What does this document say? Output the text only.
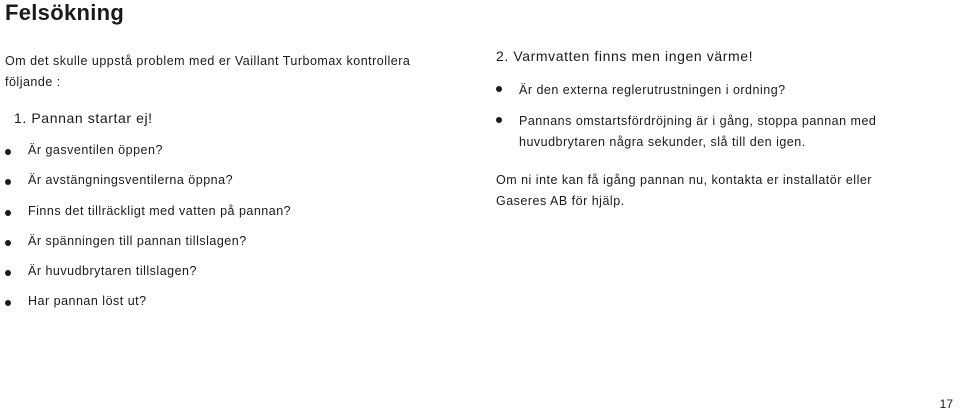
Felsökning

Om det skulle uppstå problem med er Vaillant Turbomax kontrollera följande :

1. Pannan startar ej!
Är gasventilen öppen?
Är avstängningsventilerna öppna?
Finns det tillräckligt med vatten på pannan?
Är spänningen till pannan tillslagen?
Är huvudbrytaren tillslagen?
Har pannan löst ut?
2. Varmvatten finns men ingen värme!
Är den externa reglerutrustningen i ordning?
Pannans omstartsfördröjning är i gång, stoppa pannan med huvudbrytaren några sekunder, slå till den igen.

Om ni inte kan få igång pannan nu, kontakta er installatör eller Gaseres AB för hjälp.

17
